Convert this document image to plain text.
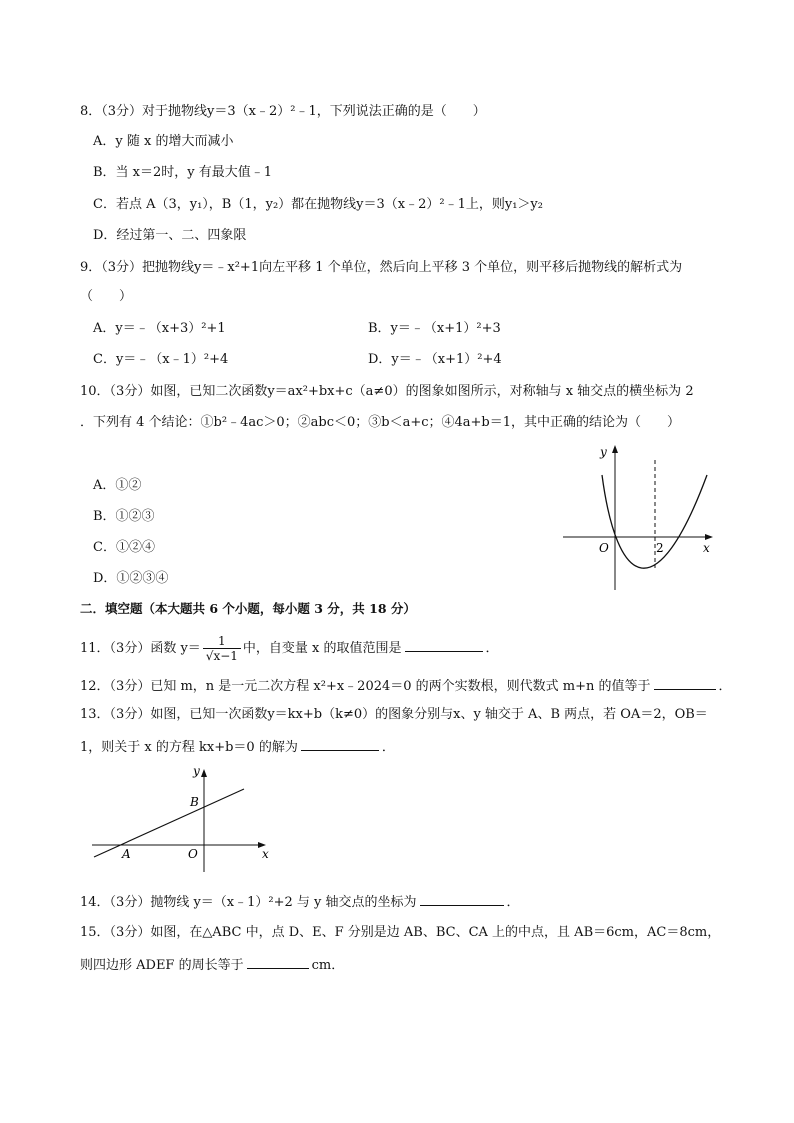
8．（3分）对于抛物线y＝3（x﹣2）²﹣1，下列说法正确的是（　　）
A．y 随 x 的增大而减小
B．当 x＝2时，y 有最大值﹣1
C．若点 A（3，y₁），B（1，y₂）都在抛物线y＝3（x﹣2）²﹣1上，则y₁＞y₂
D．经过第一、二、四象限
9．（3分）把抛物线y＝﹣x²+1向左平移 1 个单位，然后向上平移 3 个单位，则平移后抛物线的解析式为
（　　）
A．y＝﹣（x+3）²+1	B．y＝﹣（x+1）²+3
C．y＝﹣（x﹣1）²+4	D．y＝﹣（x+1）²+4
10．（3分）如图，已知二次函数y＝ax²+bx+c（a≠0）的图象如图所示，对称轴与 x 轴交点的横坐标为 2
．下列有 4 个结论：①b²﹣4ac＞0；②abc＜0；③b＜a+c；④4a+b＝1，其中正确的结论为（　　）
A．①②
B．①②③
C．①②④
D．①②③④
y
x
O	2
二．填空题（本大题共 6 个小题，每小题 3 分，共 18 分）
11．（3分）函数 $y= \frac{1}{√x-1}$ 中，自变量 x 的取值范围是	．
12．（3分）已知 m，n 是一元二次方程 x²+x﹣2024＝0 的两个实数根，则代数式 m+n 的值等于	．
13．（3分）如图，已知一次函数y＝kx+b（k≠0）的图象分别与x、y 轴交于 A、B 两点，若 OA＝2，OB＝
1，则关于 x 的方程 kx+b＝0 的解为	．
y
x
O
A
B
14．（3分）抛物线 y＝（x﹣1）²+2 与 y 轴交点的坐标为	．
15．（3分）如图，在△ABC 中，点 D、E、F 分别是边 AB、BC、CA 上的中点，且 AB＝6cm，AC＝8cm，
则四边形 ADEF 的周长等于	cm．
